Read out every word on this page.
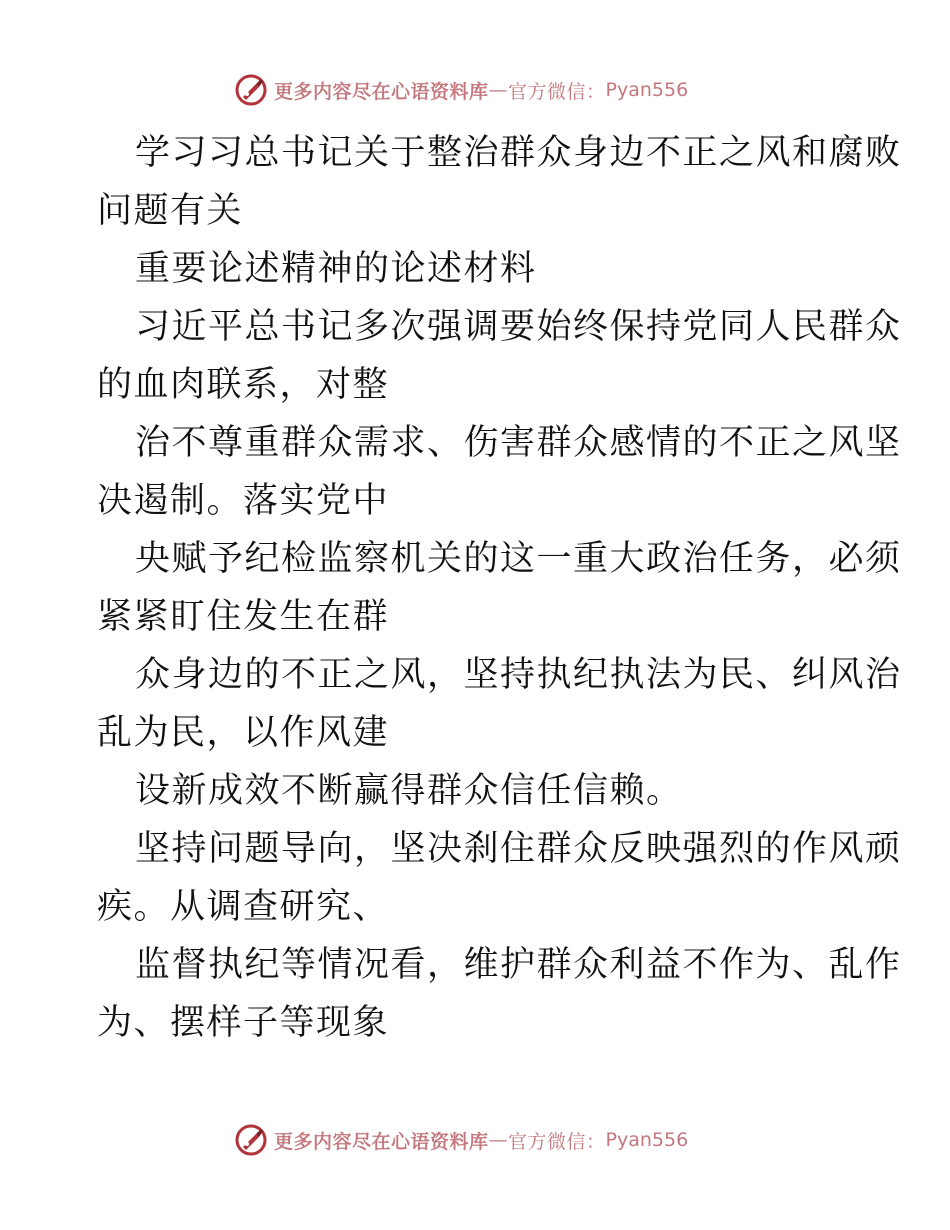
更多内容尽在心语资料库 — 官方微信： Pyan556
学习习总书记关于整治群众身边不正之风和腐败
问题有关
重要论述精神的论述材料
习近平总书记多次强调要始终保持党同人民群众
的血肉联系，对整
治不尊重群众需求、伤害群众感情的不正之风坚
决遏制。落实党中
央赋予纪检监察机关的这一重大政治任务，必须
紧紧盯住发生在群
众身边的不正之风，坚持执纪执法为民、纠风治
乱为民，以作风建
设新成效不断赢得群众信任信赖。
坚持问题导向，坚决刹住群众反映强烈的作风顽
疾。从调查研究、
监督执纪等情况看，维护群众利益不作为、乱作
为、摆样子等现象
更多内容尽在心语资料库 — 官方微信： Pyan556
